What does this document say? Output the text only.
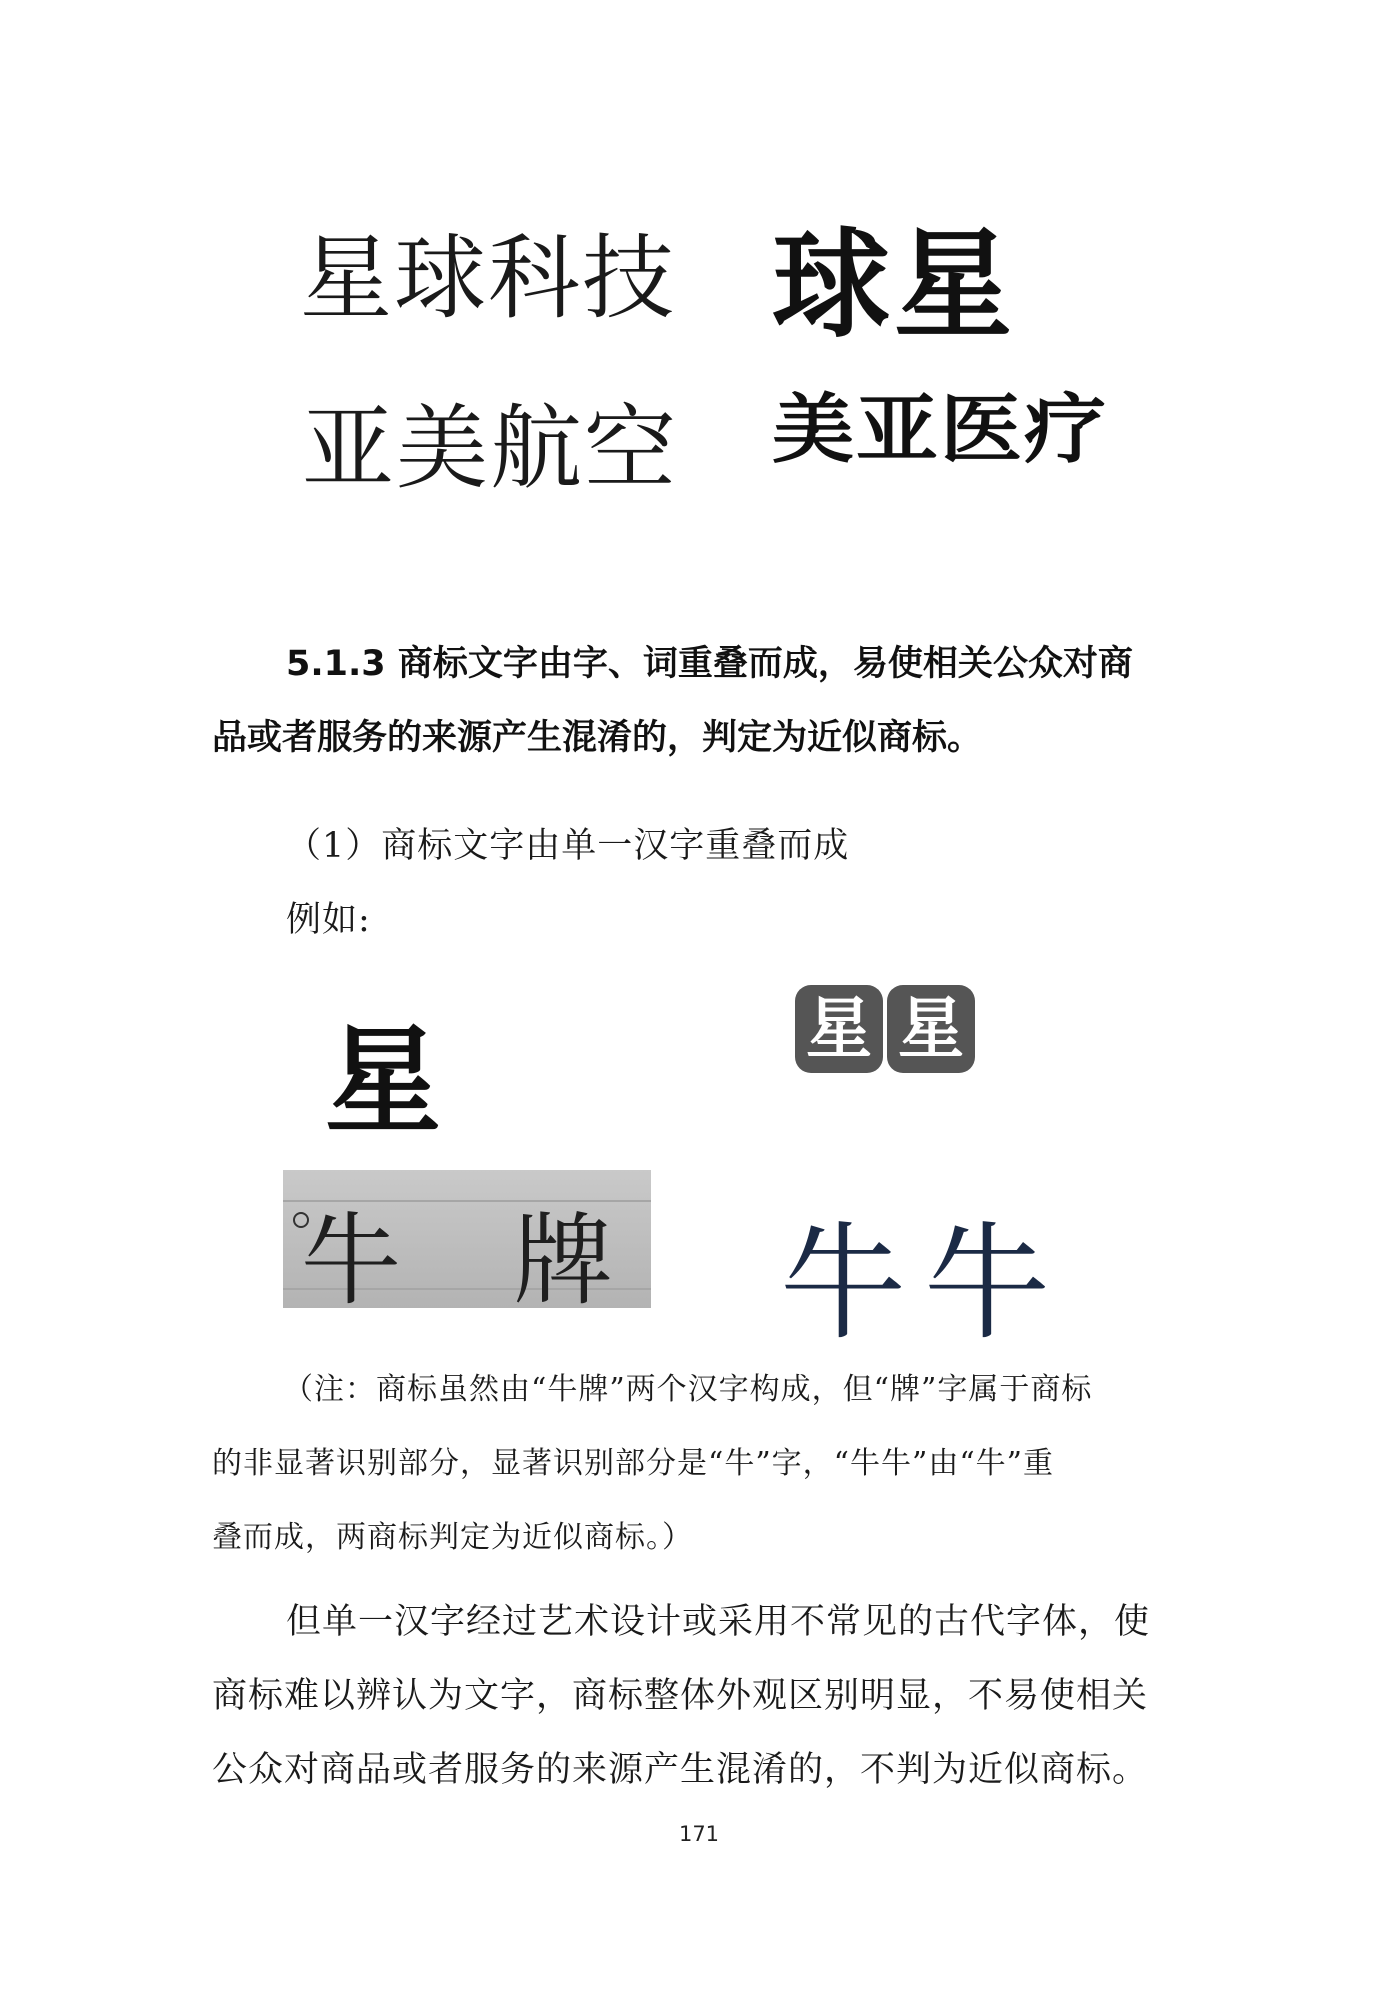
星球科技 球星
亚美航空 美亚医疗
5.1.3 商标文字由字、词重叠而成，易使相关公众对商
品或者服务的来源产生混淆的，判定为近似商标。
（1）商标文字由单一汉字重叠而成
例如:
星	星 星
牛 牌 牛牛
（注：商标虽然由“牛牌”两个汉字构成，但“牌”字属于商标
的非显著识别部分，显著识别部分是“牛”字，“牛牛”由“牛”重
叠而成，两商标判定为近似商标。）
但单一汉字经过艺术设计或采用不常见的古代字体，使
商标难以辨认为文字，商标整体外观区别明显，不易使相关
公众对商品或者服务的来源产生混淆的，不判为近似商标。
171
